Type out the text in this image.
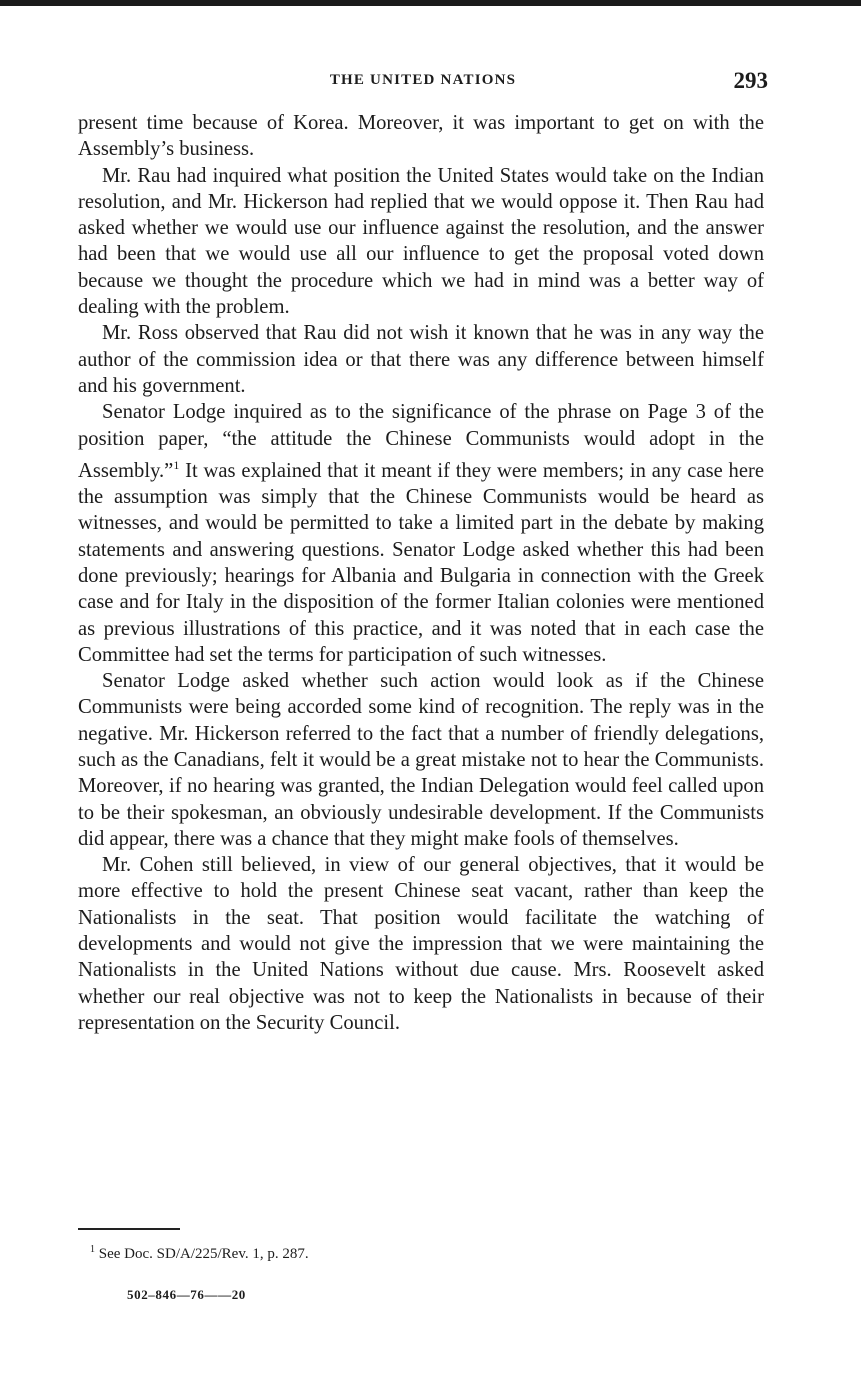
THE UNITED NATIONS	293

present time because of Korea. Moreover, it was important to get on with the Assembly’s business.

Mr. Rau had inquired what position the United States would take on the Indian resolution, and Mr. Hickerson had replied that we would oppose it. Then Rau had asked whether we would use our influence against the resolution, and the answer had been that we would use all our influence to get the proposal voted down because we thought the procedure which we had in mind was a better way of dealing with the problem.

Mr. Ross observed that Rau did not wish it known that he was in any way the author of the commission idea or that there was any difference between himself and his government.

Senator Lodge inquired as to the significance of the phrase on Page 3 of the position paper, “the attitude the Chinese Communists would adopt in the Assembly.”$^1$ It was explained that it meant if they were members; in any case here the assumption was simply that the Chinese Communists would be heard as witnesses, and would be permitted to take a limited part in the debate by making statements and answering questions. Senator Lodge asked whether this had been done previously; hearings for Albania and Bulgaria in connection with the Greek case and for Italy in the disposition of the former Italian colonies were mentioned as previous illustrations of this practice, and it was noted that in each case the Committee had set the terms for participation of such witnesses.

Senator Lodge asked whether such action would look as if the Chinese Communists were being accorded some kind of recognition. The reply was in the negative. Mr. Hickerson referred to the fact that a number of friendly delegations, such as the Canadians, felt it would be a great mistake not to hear the Communists. Moreover, if no hearing was granted, the Indian Delegation would feel called upon to be their spokesman, an obviously undesirable development. If the Communists did appear, there was a chance that they might make fools of themselves.

Mr. Cohen still believed, in view of our general objectives, that it would be more effective to hold the present Chinese seat vacant, rather than keep the Nationalists in the seat. That position would facilitate the watching of developments and would not give the impression that we were maintaining the Nationalists in the United Nations without due cause. Mrs. Roosevelt asked whether our real objective was not to keep the Nationalists in because of their representation on the Security Council.

$^1$ See Doc. SD/A/225/Rev. 1, p. 287.
502–846—76——20
